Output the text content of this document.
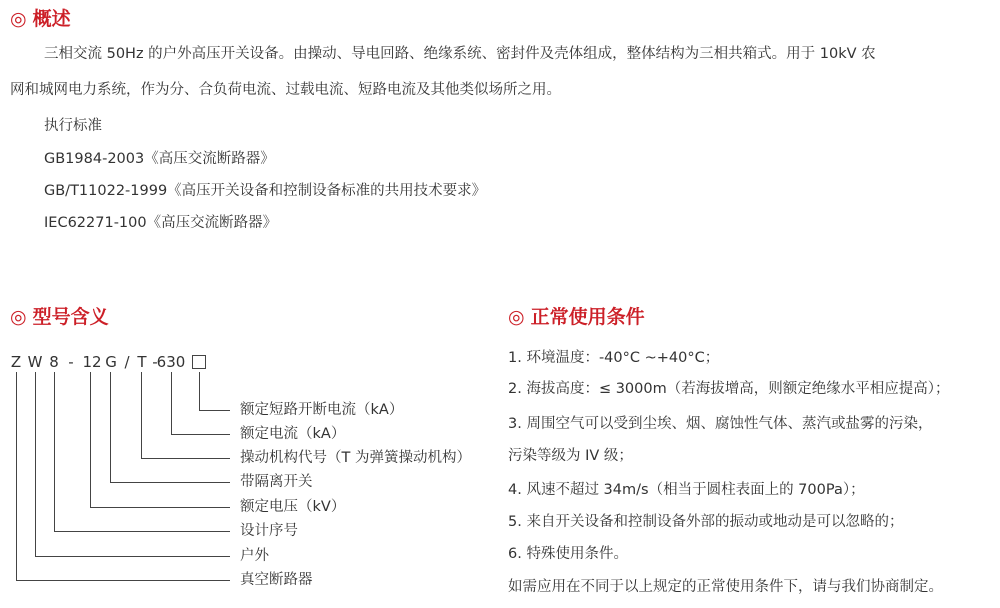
◎ 概述
三相交流 50Hz 的户外高压开关设备。由操动、导电回路、绝缘系统、密封件及壳体组成，整体结构为三相共箱式。用于 10kV 农
网和城网电力系统，作为分、合负荷电流、过载电流、短路电流及其他类似场所之用。
执行标准
GB1984-2003《高压交流断路器》
GB/T11022-1999《高压开关设备和控制设备标准的共用技术要求》
IEC62271-100《高压交流断路器》
◎ 型号含义
Z W 8 - 12 G / T -
630
额定短路开断电流（kA）
额定电流（kA）
操动机构代号（T 为弹簧操动机构）
带隔离开关
额定电压（kV）
设计序号
户外
真空断路器
◎ 正常使用条件
1. 环境温度：-40°C ~+40°C；
2. 海拔高度：≤ 3000m（若海拔增高，则额定绝缘水平相应提高）；
3. 周围空气可以受到尘埃、烟、腐蚀性气体、蒸汽或盐雾的污染，
污染等级为 IV 级；
4. 风速不超过 34m/s（相当于圆柱表面上的 700Pa）；
5. 来自开关设备和控制设备外部的振动或地动是可以忽略的；
6. 特殊使用条件。
如需应用在不同于以上规定的正常使用条件下，请与我们协商制定。
